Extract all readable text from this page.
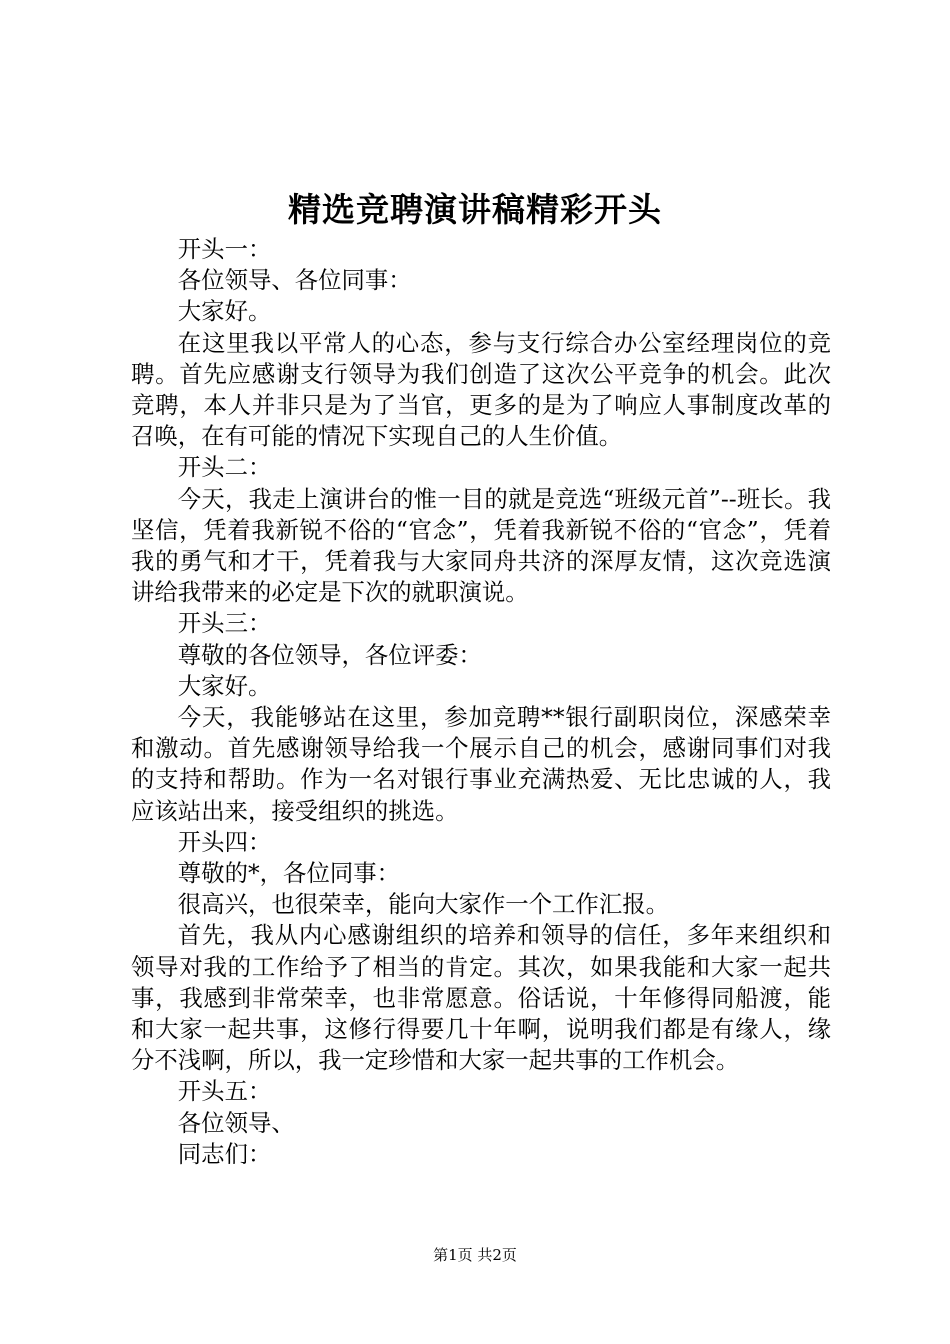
精选竞聘演讲稿精彩开头

开头一：

各位领导、各位同事：

大家好。

在这里我以平常人的心态，参与支行综合办公室经理岗位的竞聘。首先应感谢支行领导为我们创造了这次公平竞争的机会。此次竞聘，本人并非只是为了当官，更多的是为了响应人事制度改革的召唤，在有可能的情况下实现自己的人生价值。

开头二：

今天，我走上演讲台的惟一目的就是竞选“班级元首”--班长。我坚信，凭着我新锐不俗的“官念”，凭着我新锐不俗的“官念”，凭着我的勇气和才干，凭着我与大家同舟共济的深厚友情，这次竞选演讲给我带来的必定是下次的就职演说。

开头三：

尊敬的各位领导，各位评委：

大家好。

今天，我能够站在这里，参加竞聘**银行副职岗位，深感荣幸和激动。首先感谢领导给我一个展示自己的机会，感谢同事们对我的支持和帮助。作为一名对银行事业充满热爱、无比忠诚的人，我应该站出来，接受组织的挑选。

开头四：

尊敬的*，各位同事：

很高兴，也很荣幸，能向大家作一个工作汇报。

首先，我从内心感谢组织的培养和领导的信任，多年来组织和领导对我的工作给予了相当的肯定。其次，如果我能和大家一起共事，我感到非常荣幸，也非常愿意。俗话说，十年修得同船渡，能和大家一起共事，这修行得要几十年啊，说明我们都是有缘人，缘分不浅啊，所以，我一定珍惜和大家一起共事的工作机会。

开头五：

各位领导、

同志们：

第1页 共2页
